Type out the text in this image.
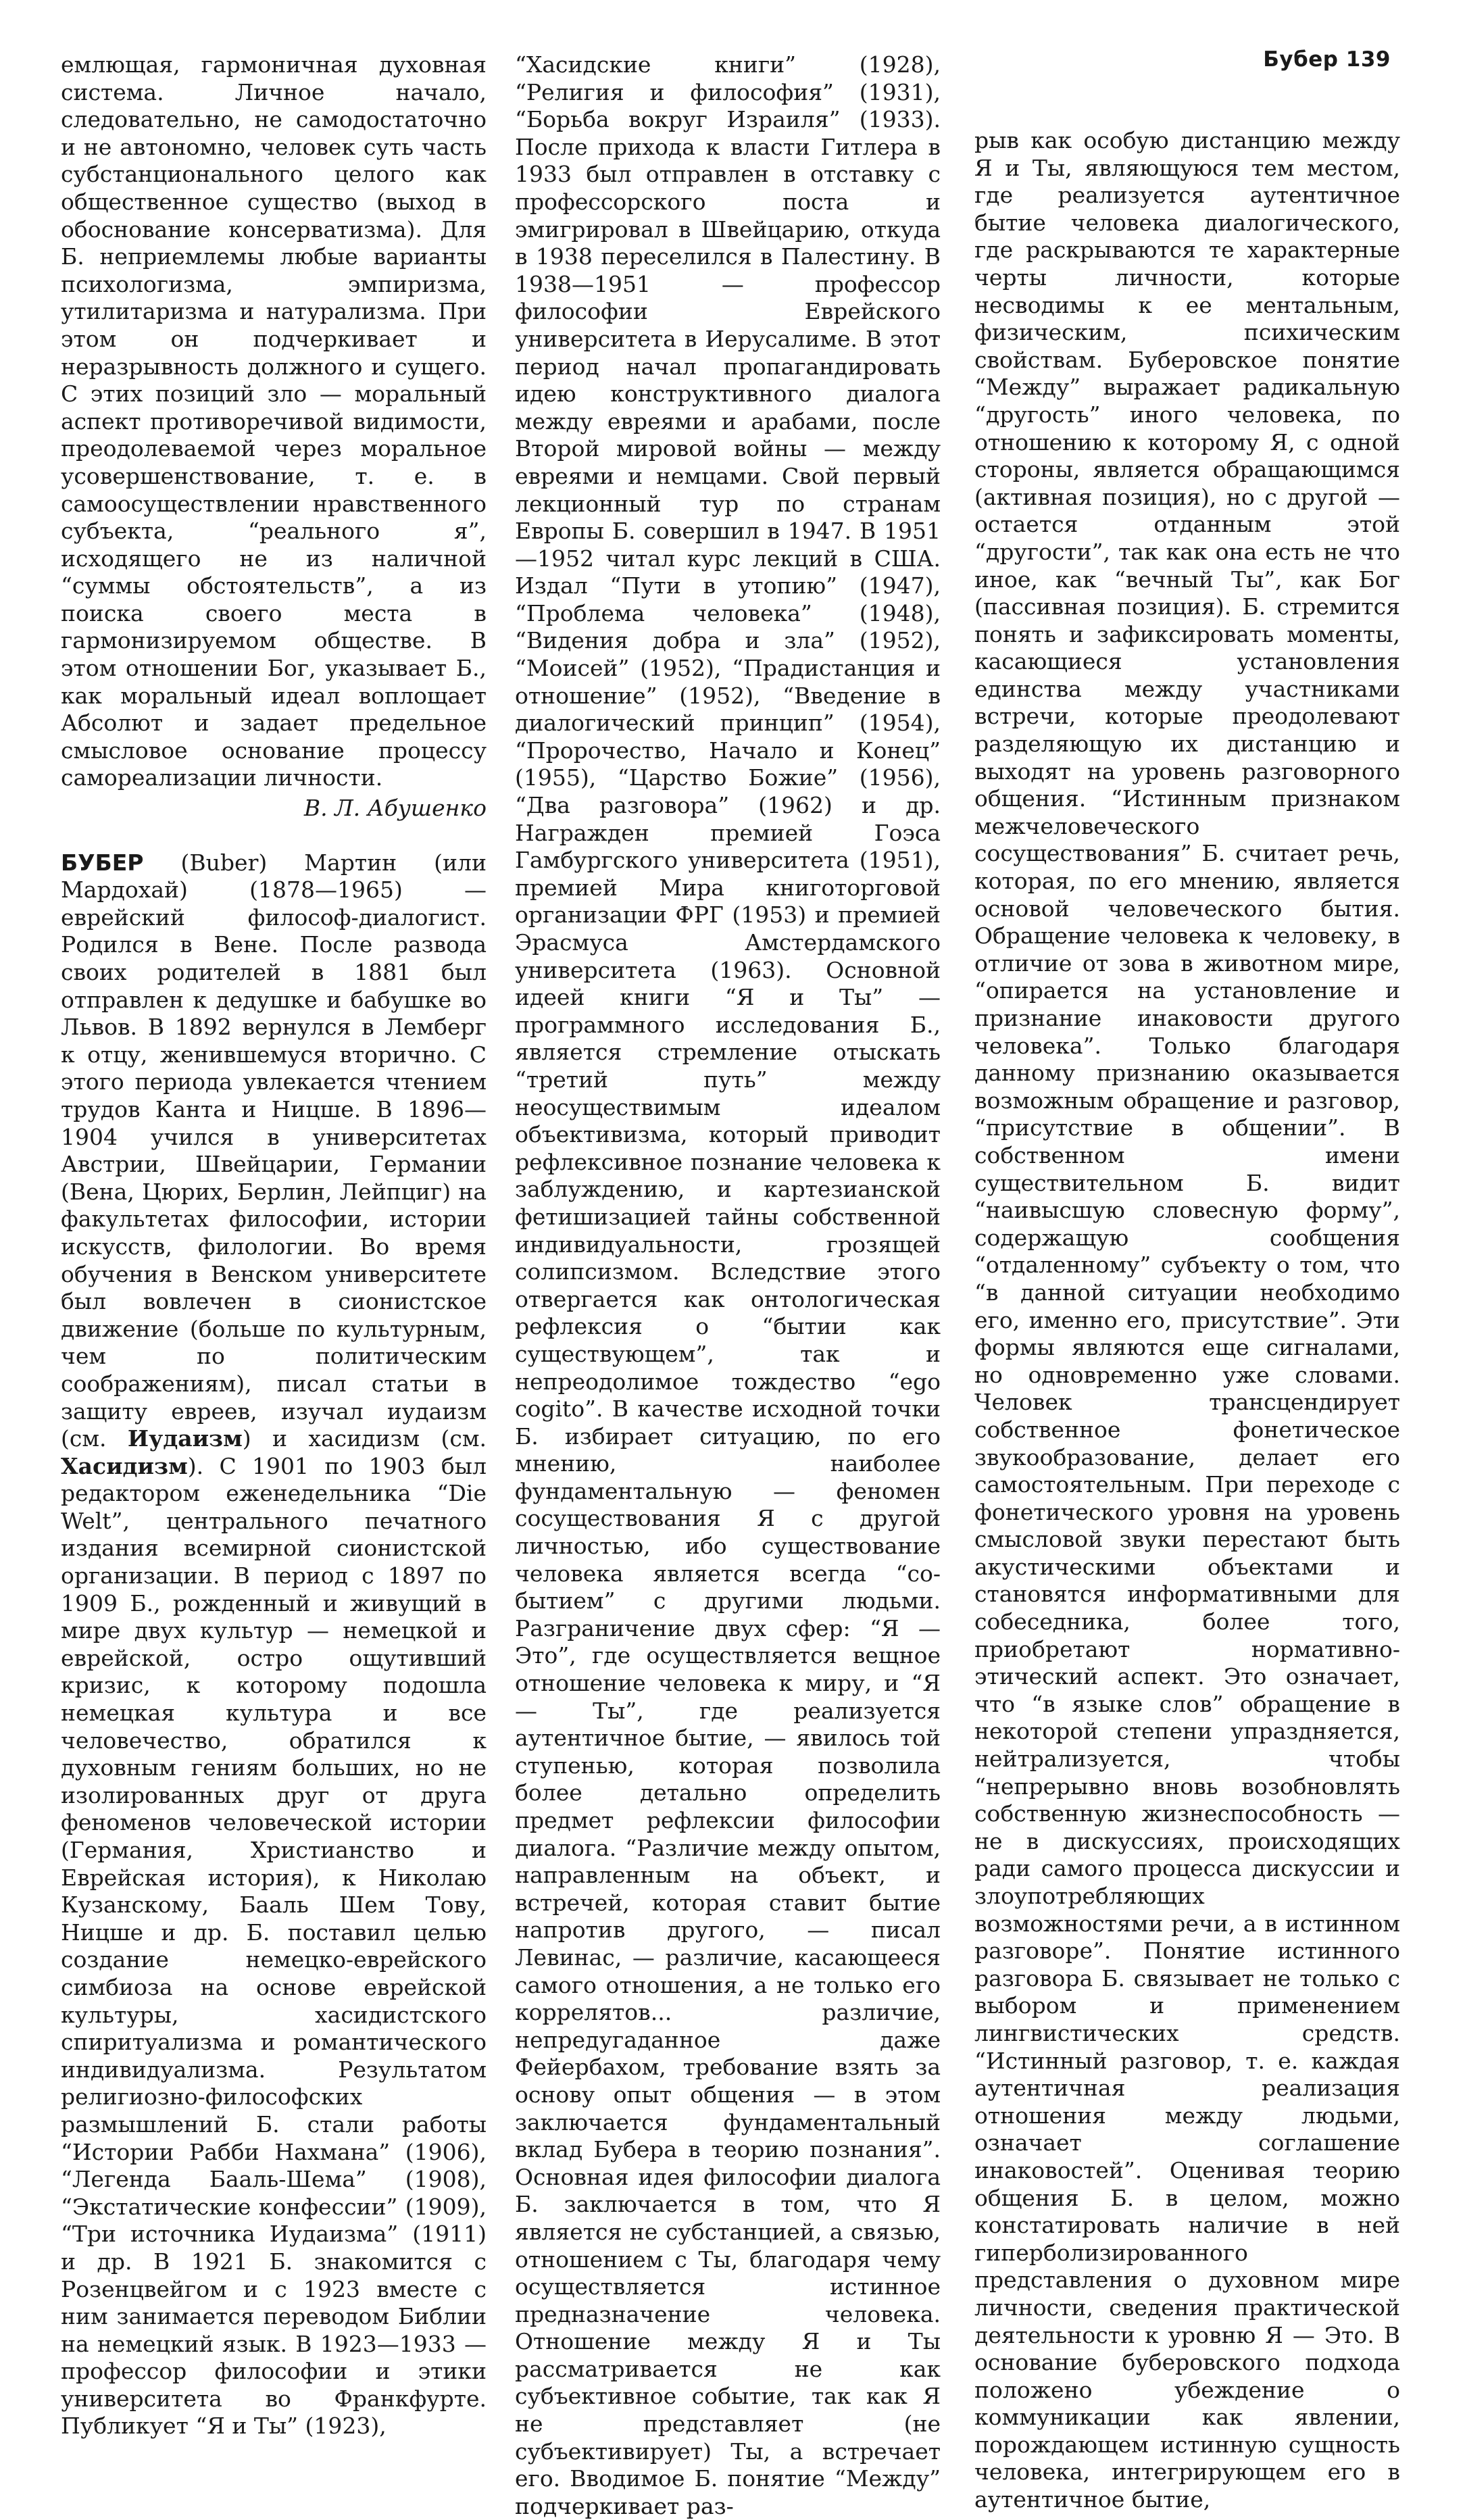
Бубер 139

емлющая, гармоничная духовная система. Личное начало, следовательно, не самодостаточно и не автономно, человек суть часть субстанционального целого как общественное существо (выход в обоснование консерватизма). Для Б. неприемлемы любые варианты психологизма, эмпиризма, утилитаризма и натурализма. При этом он подчеркивает и неразрывность должного и сущего. С этих позиций зло — моральный аспект противоречивой видимости, преодолеваемой через моральное усовершенствование, т. е. в самоосуществлении нравственного субъекта, “реального я”, исходящего не из наличной “суммы обстоятельств”, а из поиска своего места в гармонизируемом обществе. В этом отношении Бог, указывает Б., как моральный идеал воплощает Абсолют и задает предельное смысловое основание процессу самореализации личности.

В. Л. Абушенко

БУБЕР (Buber) Мартин (или Мардохай) (1878—1965) — еврейский философ-диалогист. Родился в Вене. После развода своих родителей в 1881 был отправлен к дедушке и бабушке во Львов. В 1892 вернулся в Лемберг к отцу, женившемуся вторично. С этого периода увлекается чтением трудов Канта и Ницше. В 1896—1904 учился в университетах Австрии, Швейцарии, Германии (Вена, Цюрих, Берлин, Лейпциг) на факультетах философии, истории искусств, филологии. Во время обучения в Венском университете был вовлечен в сионистское движение (больше по культурным, чем по политическим соображениям), писал статьи в защиту евреев, изучал иудаизм (см. Иудаизм) и хасидизм (см. Хасидизм). С 1901 по 1903 был редактором еженедельника “Die Welt”, центрального печатного издания всемирной сионистской организации. В период с 1897 по 1909 Б., рожденный и живущий в мире двух культур — немецкой и еврейской, остро ощутивший кризис, к которому подошла немецкая культура и все человечество, обратился к духовным гениям больших, но не изолированных друг от друга феноменов человеческой истории (Германия, Христианство и Еврейская история), к Николаю Кузанскому, Бааль Шем Тову, Ницше и др. Б. поставил целью создание немецко-еврейского симбиоза на основе еврейской культуры, хасидистского спиритуализма и романтического индивидуализма. Результатом религиозно-философских размышлений Б. стали работы “Истории Рабби Нахмана” (1906), “Легенда Бааль-Шема” (1908), “Экстатические конфессии” (1909), “Три источника Иудаизма” (1911) и др. В 1921 Б. знакомится с Розенцвейгом и с 1923 вместе с ним занимается переводом Библии на немецкий язык. В 1923—1933 — профессор философии и этики университета во Франкфурте. Публикует “Я и Ты” (1923),

“Хасидские книги” (1928), “Религия и философия” (1931), “Борьба вокруг Израиля” (1933). После прихода к власти Гитлера в 1933 был отправлен в отставку с профессорского поста и эмигрировал в Швейцарию, откуда в 1938 переселился в Палестину. В 1938—1951 — профессор философии Еврейского университета в Иерусалиме. В этот период начал пропагандировать идею конструктивного диалога между евреями и арабами, после Второй мировой войны — между евреями и немцами. Свой первый лекционный тур по странам Европы Б. совершил в 1947. В 1951—1952 читал курс лекций в США. Издал “Пути в утопию” (1947), “Проблема человека” (1948), “Видения добра и зла” (1952), “Моисей” (1952), “Прадистанция и отношение” (1952), “Введение в диалогический принцип” (1954), “Пророчество, Начало и Конец” (1955), “Царство Божие” (1956), “Два разговора” (1962) и др. Награжден премией Гоэса Гамбургского университета (1951), премией Мира книготорговой организации ФРГ (1953) и премией Эрасмуса Амстердамского университета (1963). Основной идеей книги “Я и Ты” — программного исследования Б., является стремление отыскать “третий путь” между неосуществимым идеалом объективизма, который приводит рефлексивное познание человека к заблуждению, и картезианской фетишизацией тайны собственной индивидуальности, грозящей солипсизмом. Вследствие этого отвергается как онтологическая рефлексия о “бытии как существующем”, так и непреодолимое тождество “ego cogito”. В качестве исходной точки Б. избирает ситуацию, по его мнению, наиболее фундаментальную — феномен сосуществования Я с другой личностью, ибо существование человека является всегда “со-бытием” с другими людьми. Разграничение двух сфер: “Я — Это”, где осуществляется вещное отношение человека к миру, и “Я — Ты”, где реализуется аутентичное бытие, — явилось той ступенью, которая позволила более детально определить предмет рефлексии философии диалога. “Различие между опытом, направленным на объект, и встречей, которая ставит бытие напротив другого, — писал Левинас, — различие, касающееся самого отношения, а не только его коррелятов... различие, непредугаданное даже Фейербахом, требование взять за основу опыт общения — в этом заключается фундаментальный вклад Бубера в теорию познания”. Основная идея философии диалога Б. заключается в том, что Я является не субстанцией, а связью, отношением с Ты, благодаря чему осуществляется истинное предназначение человека. Отношение между Я и Ты рассматривается не как субъективное событие, так как Я не представляет (не субъективирует) Ты, а встречает его. Вводимое Б. понятие “Между” подчеркивает раз-

рыв как особую дистанцию между Я и Ты, являющуюся тем местом, где реализуется аутентичное бытие человека диалогического, где раскрываются те характерные черты личности, которые несводимы к ее ментальным, физическим, психическим свойствам. Буберовское понятие “Между” выражает радикальную “другость” иного человека, по отношению к которому Я, с одной стороны, является обращающимся (активная позиция), но с другой — остается отданным этой “другости”, так как она есть не что иное, как “вечный Ты”, как Бог (пассивная позиция). Б. стремится понять и зафиксировать моменты, касающиеся установления единства между участниками встречи, которые преодолевают разделяющую их дистанцию и выходят на уровень разговорного общения. “Истинным признаком межчеловеческого сосуществования” Б. считает речь, которая, по его мнению, является основой человеческого бытия. Обращение человека к человеку, в отличие от зова в животном мире, “опирается на установление и признание инаковости другого человека”. Только благодаря данному признанию оказывается возможным обращение и разговор, “присутствие в общении”. В собственном имени существительном Б. видит “наивысшую словесную форму”, содержащую сообщения “отдаленному” субъекту о том, что “в данной ситуации необходимо его, именно его, присутствие”. Эти формы являются еще сигналами, но одновременно уже словами. Человек трансцендирует собственное фонетическое звукообразование, делает его самостоятельным. При переходе с фонетического уровня на уровень смысловой звуки перестают быть акустическими объектами и становятся информативными для собеседника, более того, приобретают нормативно-этический аспект. Это означает, что “в языке слов” обращение в некоторой степени упраздняется, нейтрализуется, чтобы “непрерывно вновь возобновлять собственную жизнеспособность — не в дискуссиях, происходящих ради самого процесса дискуссии и злоупотребляющих возможностями речи, а в истинном разговоре”. Понятие истинного разговора Б. связывает не только с выбором и применением лингвистических средств. “Истинный разговор, т. е. каждая аутентичная реализация отношения между людьми, означает соглашение инаковостей”. Оценивая теорию общения Б. в целом, можно констатировать наличие в ней гиперболизированного представления о духовном мире личности, сведения практической деятельности к уровню Я — Это. В основание буберовского подхода положено убеждение о коммуникации как явлении, порождающем истинную сущность человека, интегрирующем его в аутентичное бытие,
